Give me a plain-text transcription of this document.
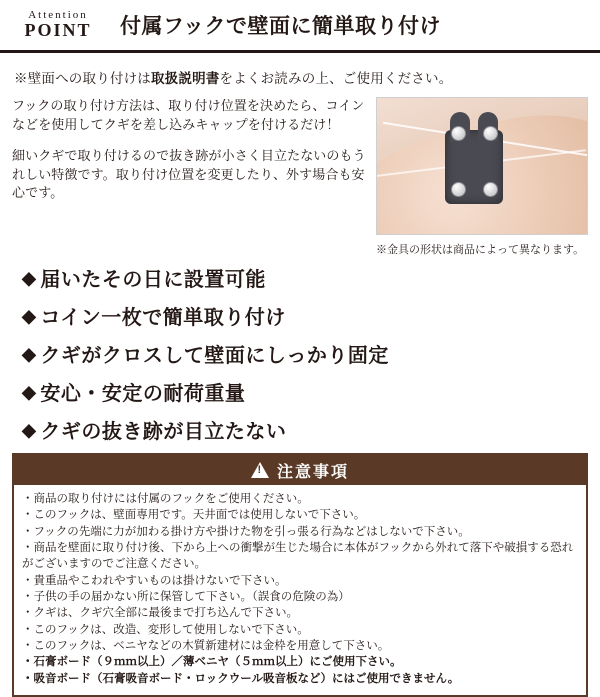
Attention
POINT	付属フックで壁面に簡単取り付け
※壁面への取り付けは取扱説明書をよくお読みの上、ご使用ください。

フックの取り付け方法は、取り付け位置を決めたら、コインなどを使用してクギを差し込みキャップを付けるだけ！

細いクギで取り付けるので抜き跡が小さく目立たないのもうれしい特徴です。取り付け位置を変更したり、外す場合も安心です。

※金具の形状は商品によって異なります。
◆ 届いたその日に設置可能
◆ コイン一枚で簡単取り付け
◆ クギがクロスして壁面にしっかり固定
◆ 安心・安定の耐荷重量
◆ クギの抜き跡が目立たない
!
注意事項
・商品の取り付けには付属のフックをご使用ください。
・このフックは、壁面専用です。天井面では使用しないで下さい。
・フックの先端に力が加わる掛け方や掛けた物を引っ張る行為などはしないで下さい。
・商品を壁面に取り付け後、下から上への衝撃が生じた場合に本体がフックから外れて落下や破損する恐れがございますのでご注意ください。
・貴重品やこわれやすいものは掛けないで下さい。
・子供の手の届かない所に保管して下さい。（誤食の危険の為）
・クギは、クギ穴全部に最後まで打ち込んで下さい。
・このフックは、改造、変形して使用しないで下さい。
・このフックは、ベニヤなどの木質新建材には金枠を用意して下さい。
・石膏ボード（９ｍｍ以上）／薄ベニヤ（５ｍｍ以上）にご使用下さい。
・吸音ボード（石膏吸音ボード・ロックウール吸音板など）にはご使用できません。
